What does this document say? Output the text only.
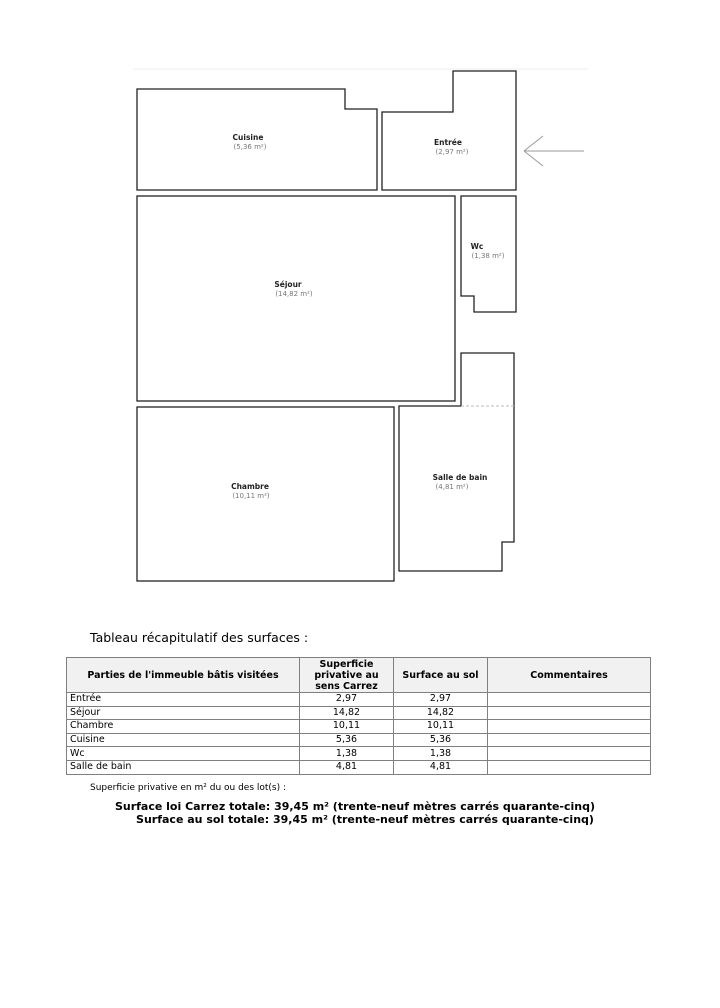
Cuisine
(5,36 m²)	Entrée
(2,97 m²)
Séjour
(14,82 m²)
Wc
(1,38 m²)
Chambre
(10,11 m²)
Salle de bain
(4,81 m²)
Tableau récapitulatif des surfaces :
Parties de l'immeuble bâtis visitées	Superficie privative au sens Carrez	Surface au sol	Commentaires
Entrée	2,97	2,97	
Séjour	14,82	14,82	
Chambre	10,11	10,11	
Cuisine	5,36	5,36	
Wc	1,38	1,38	
Salle de bain	4,81	4,81	
Superficie privative en m² du ou des lot(s) :
Surface loi Carrez totale: 39,45 m² (trente-neuf mètres carrés quarante-cinq)
Surface au sol totale: 39,45 m² (trente-neuf mètres carrés quarante-cinq)
